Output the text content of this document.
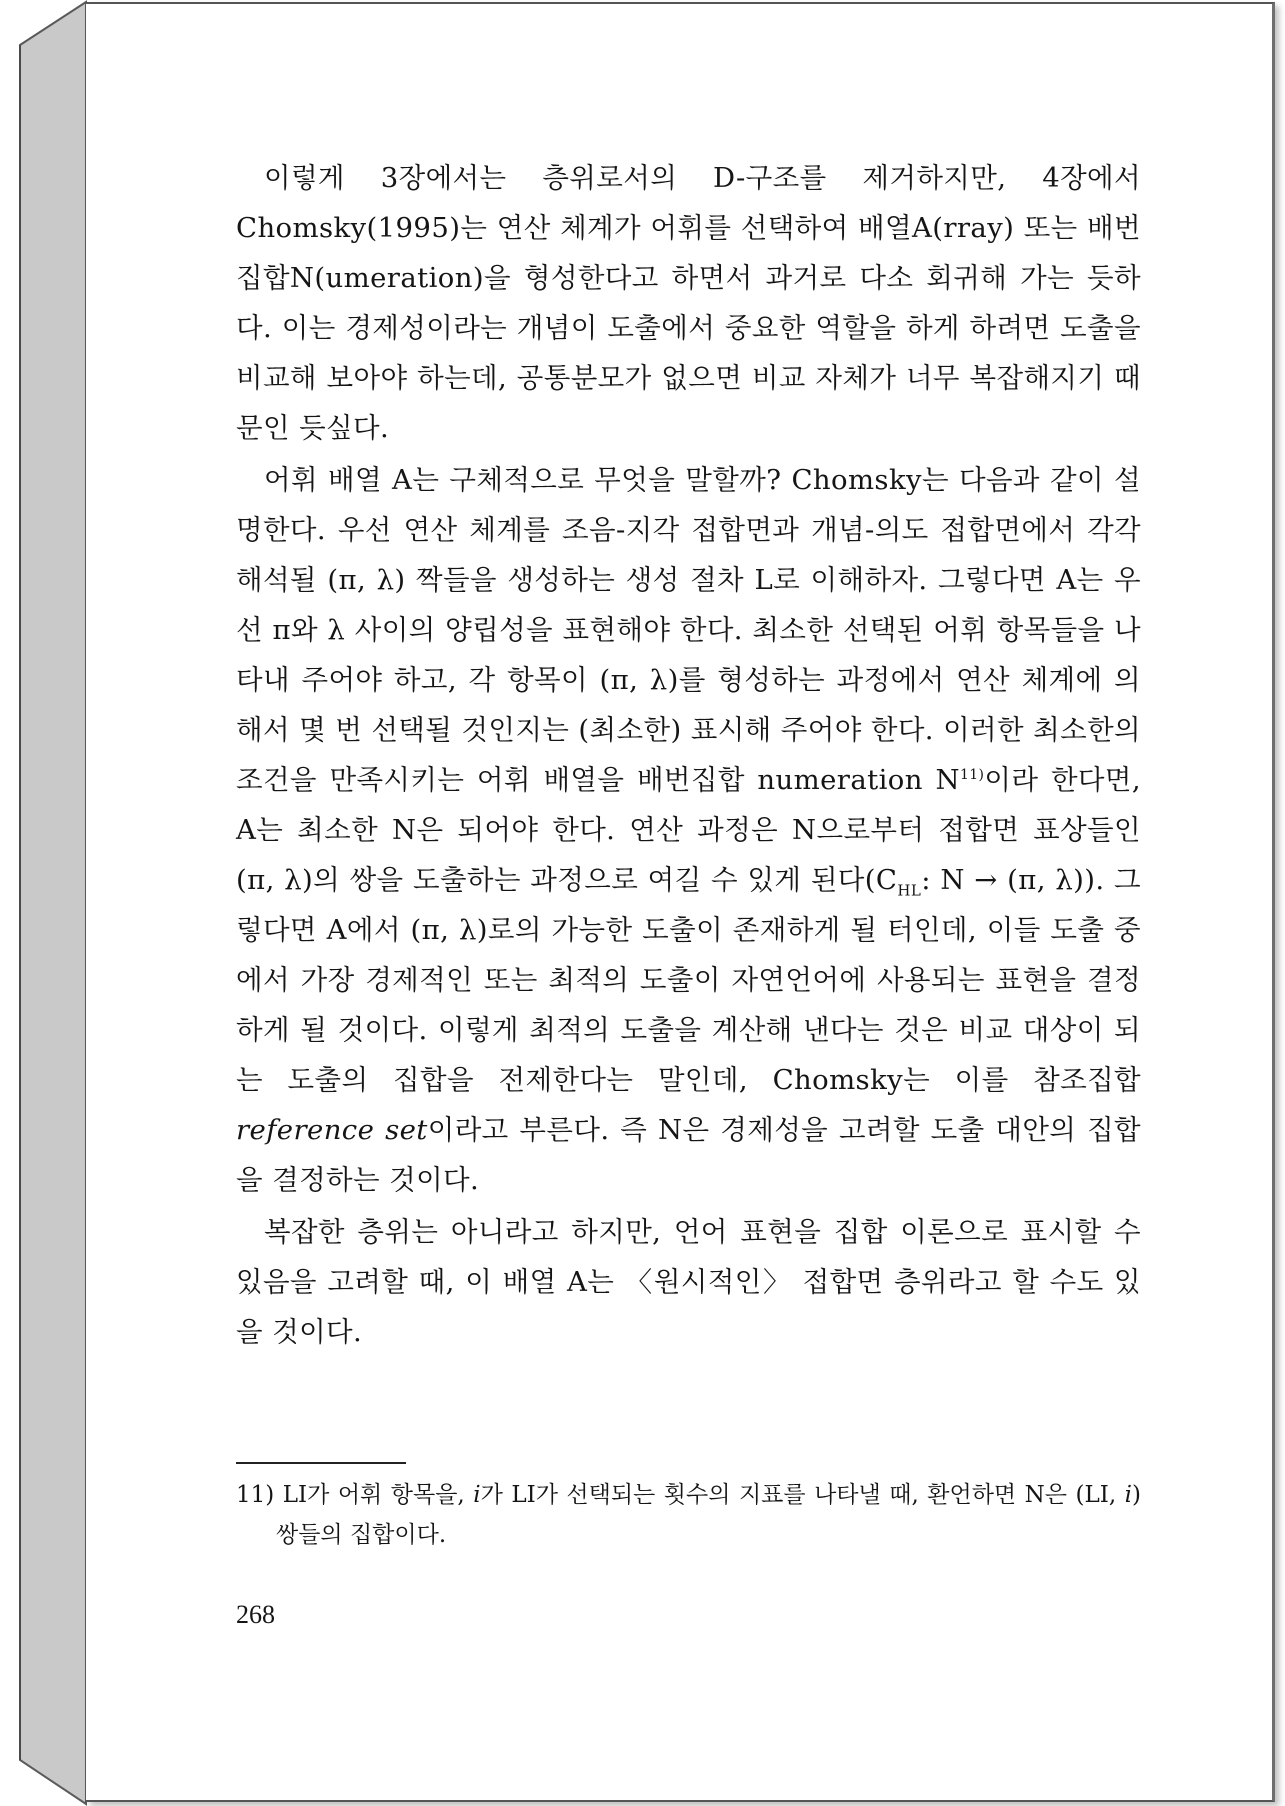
이렇게 3장에서는 층위로서의 D-구조를 제거하지만, 4장에서 Chomsky(1995)는 연산 체계가 어휘를 선택하여 배열A(rray) 또는 배번집합N(umeration)을 형성한다고 하면서 과거로 다소 회귀해 가는 듯하다. 이는 경제성이라는 개념이 도출에서 중요한 역할을 하게 하려면 도출을 비교해 보아야 하는데, 공통분모가 없으면 비교 자체가 너무 복잡해지기 때문인 듯싶다.

어휘 배열 A는 구체적으로 무엇을 말할까? Chomsky는 다음과 같이 설명한다. 우선 연산 체계를 조음-지각 접합면과 개념-의도 접합면에서 각각 해석될 (π, λ) 짝들을 생성하는 생성 절차 L로 이해하자. 그렇다면 A는 우선 π와 λ 사이의 양립성을 표현해야 한다. 최소한 선택된 어휘 항목들을 나타내 주어야 하고, 각 항목이 (π, λ)를 형성하는 과정에서 연산 체계에 의해서 몇 번 선택될 것인지는 (최소한) 표시해 주어야 한다. 이러한 최소한의 조건을 만족시키는 어휘 배열을 배번집합 numeration $N^{11)}$이라 한다면, A는 최소한 N은 되어야 한다. 연산 과정은 N으로부터 접합면 표상들인 (π, λ)의 쌍을 도출하는 과정으로 여길 수 있게 된다($C_{HL}$: N → (π, λ)). 그렇다면 A에서 (π, λ)로의 가능한 도출이 존재하게 될 터인데, 이들 도출 중에서 가장 경제적인 또는 최적의 도출이 자연언어에 사용되는 표현을 결정하게 될 것이다. 이렇게 최적의 도출을 계산해 낸다는 것은 비교 대상이 되는 도출의 집합을 전제한다는 말인데, Chomsky는 이를 참조집합 reference set이라고 부른다. 즉 N은 경제성을 고려할 도출 대안의 집합을 결정하는 것이다.

복잡한 층위는 아니라고 하지만, 언어 표현을 집합 이론으로 표시할 수 있음을 고려할 때, 이 배열 A는 〈원시적인〉 접합면 층위라고 할 수도 있을 것이다.

11) LI가 어휘 항목을, i가 LI가 선택되는 횟수의 지표를 나타낼 때, 환언하면 N은 (LI, i) 쌍들의 집합이다.
268
